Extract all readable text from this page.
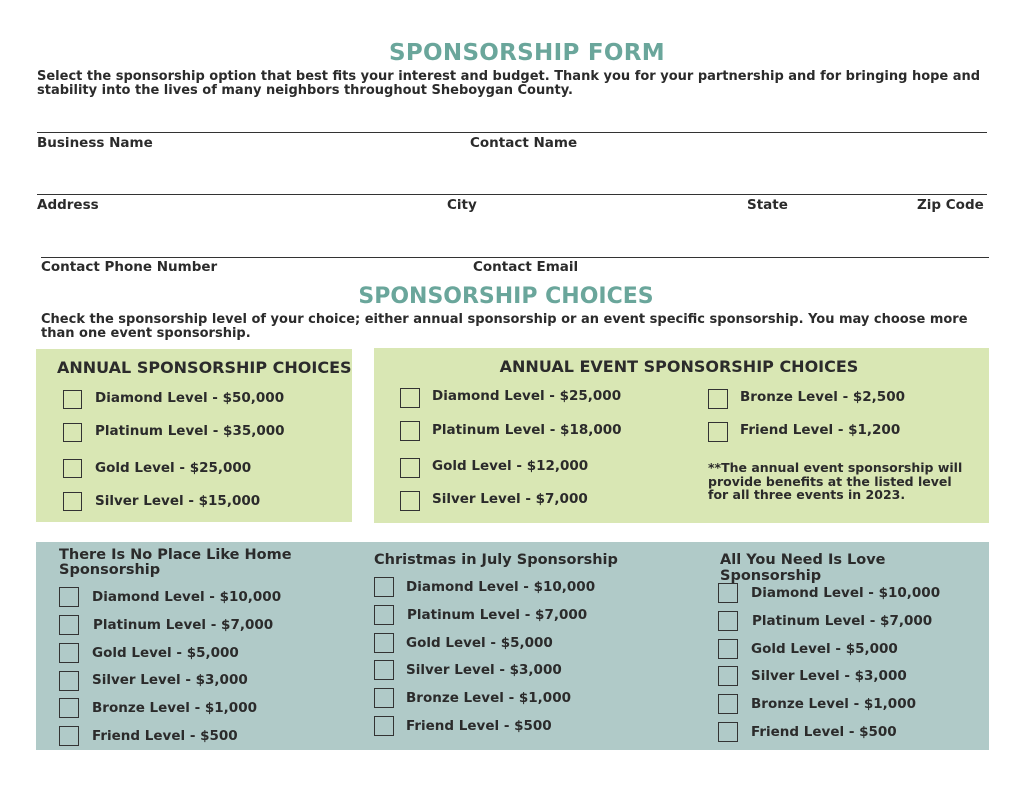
SPONSORSHIP FORM
Select the sponsorship option that best fits your interest and budget. Thank you for your partnership and for bringing hope and stability into the lives of many neighbors throughout Sheboygan County.
Business Name	Contact Name
Address	City	State	Zip Code
Contact Phone Number	Contact Email
SPONSORSHIP CHOICES
Check the sponsorship level of your choice; either annual sponsorship or an event specific sponsorship. You may choose more than one event sponsorship.
ANNUAL SPONSORSHIP CHOICES
Diamond Level - $50,000
Platinum Level - $35,000
Gold Level - $25,000
Silver Level - $15,000
ANNUAL EVENT SPONSORSHIP CHOICES
Diamond Level - $25,000
Platinum Level - $18,000
Gold Level - $12,000
Silver Level - $7,000
Bronze Level - $2,500
Friend Level - $1,200
**The annual event sponsorship will provide benefits at the listed level for all three events in 2023.
There Is No Place Like Home Sponsorship
Diamond Level - $10,000
Platinum Level - $7,000
Gold Level - $5,000
Silver Level - $3,000
Bronze Level - $1,000
Friend Level - $500
Christmas in July Sponsorship
Diamond Level - $10,000
Platinum Level - $7,000
Gold Level - $5,000
Silver Level - $3,000
Bronze Level - $1,000
Friend Level - $500
All You Need Is Love Sponsorship
Diamond Level - $10,000
Platinum Level - $7,000
Gold Level - $5,000
Silver Level - $3,000
Bronze Level - $1,000
Friend Level - $500
